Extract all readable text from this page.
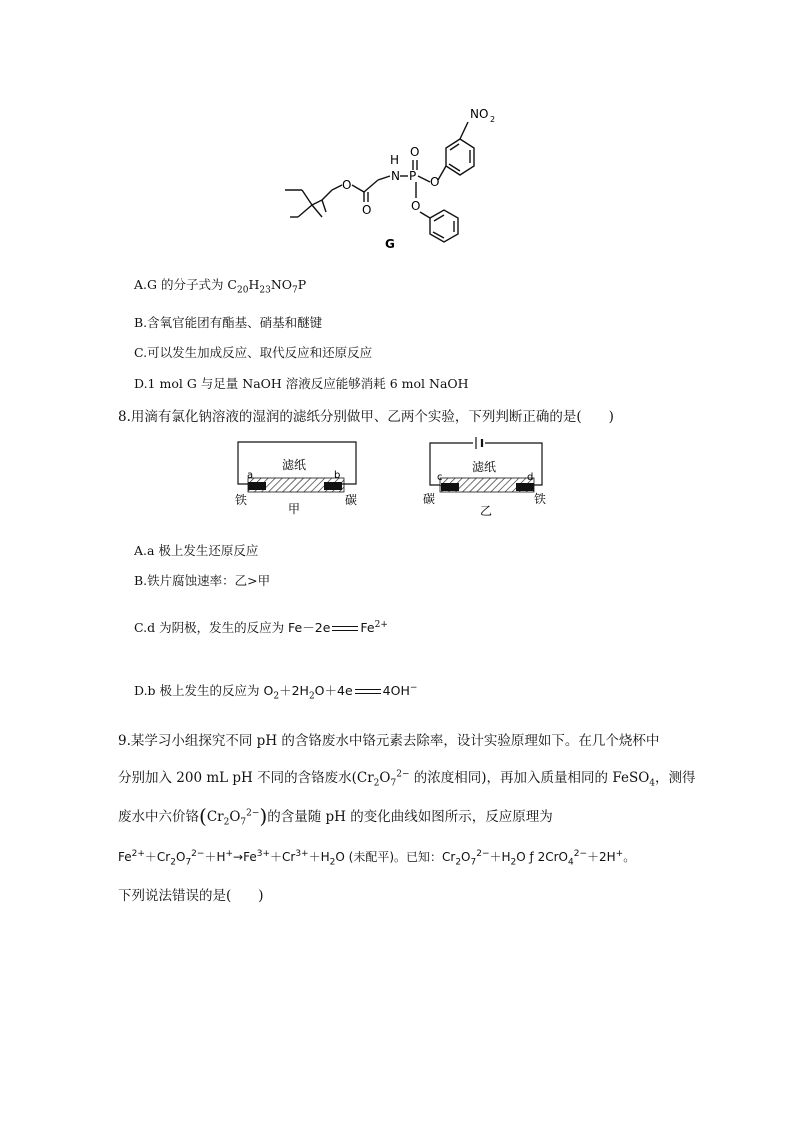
NO 2
H
N P
O
O
O
O
O
G
A.G 的分子式为 $C_{20}H_{23}NO_7P$
B.含氧官能团有酯基、硝基和醚键
C.可以发生加成反应、取代反应和还原反应
D.1 mol G 与足量 NaOH 溶液反应能够消耗 6 mol NaOH
8.用滴有氯化钠溶液的湿润的滤纸分别做甲、乙两个实验，下列判断正确的是(　　)
滤纸
a	b
铁	碳
甲
滤纸
c	d
碳	铁
乙
A.a 极上发生还原反应
B.铁片腐蚀速率：乙>甲
C.d 为阴极，发生的反应为 Fe－2e $Fe^{2+}$
D.b 极上发生的反应为 $O_2+2H_2O+4e$ 4OH−
9.某学习小组探究不同 pH 的含铬废水中铬元素去除率，设计实验原理如下。在几个烧杯中
分别加入 200 mL pH 不同的含铬废水($Cr_2O_7^{2-}$ 的浓度相同)，再加入质量相同的 FeSO$_4$，测得
废水中六价铬$(Cr_2O_7^{2-})$的含量随 pH 的变化曲线如图所示，反应原理为
$Fe^{2+}+Cr_2O_7^{2-}+H^+\to Fe^{3+}+Cr^{3+}+H_2O$ (未配平)。已知：$Cr_2O_7^{2-}+H_2O$ ƒ 2CrO$_4^{2-}$＋2H+。
下列说法错误的是(　　)
